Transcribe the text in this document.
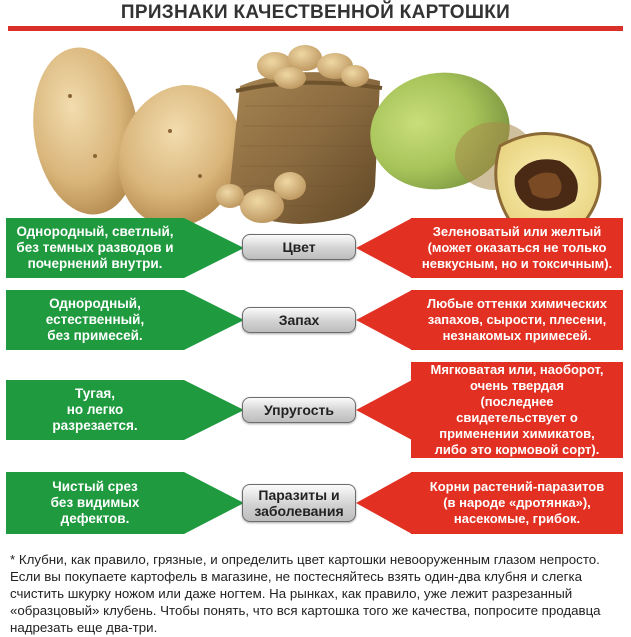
ПРИЗНАКИ КАЧЕСТВЕННОЙ КАРТОШКИ
Однородный, светлый,
без темных разводов и
почернений внутри.
Цвет
Зеленоватый или желтый
(может оказаться не только
невкусным, но и токсичным).
Однородный,
естественный,
без примесей.
Запах
Любые оттенки химических
запахов, сырости, плесени,
незнакомых примесей.
Тугая,
но легко
разрезается.
Упругость
Мягковатая или, наоборот,
очень твердая
(последнее
свидетельствует о
применении химикатов,
либо это кормовой сорт).
Чистый срез
без видимых
дефектов.
Паразиты и
заболевания
Корни растений-паразитов
(в народе «дротянка»),
насекомые, грибок.

* Клубни, как правило, грязные, и определить цвет картошки невооруженным глазом непросто. Если вы покупаете картофель в магазине, не постесняйтесь взять один-два клубня и слегка счистить шкурку ножом или даже ногтем. На рынках, как правило, уже лежит разрезанный «образцовый» клубень. Чтобы понять, что вся картошка того же качества, попросите продавца надрезать еще два-три.
